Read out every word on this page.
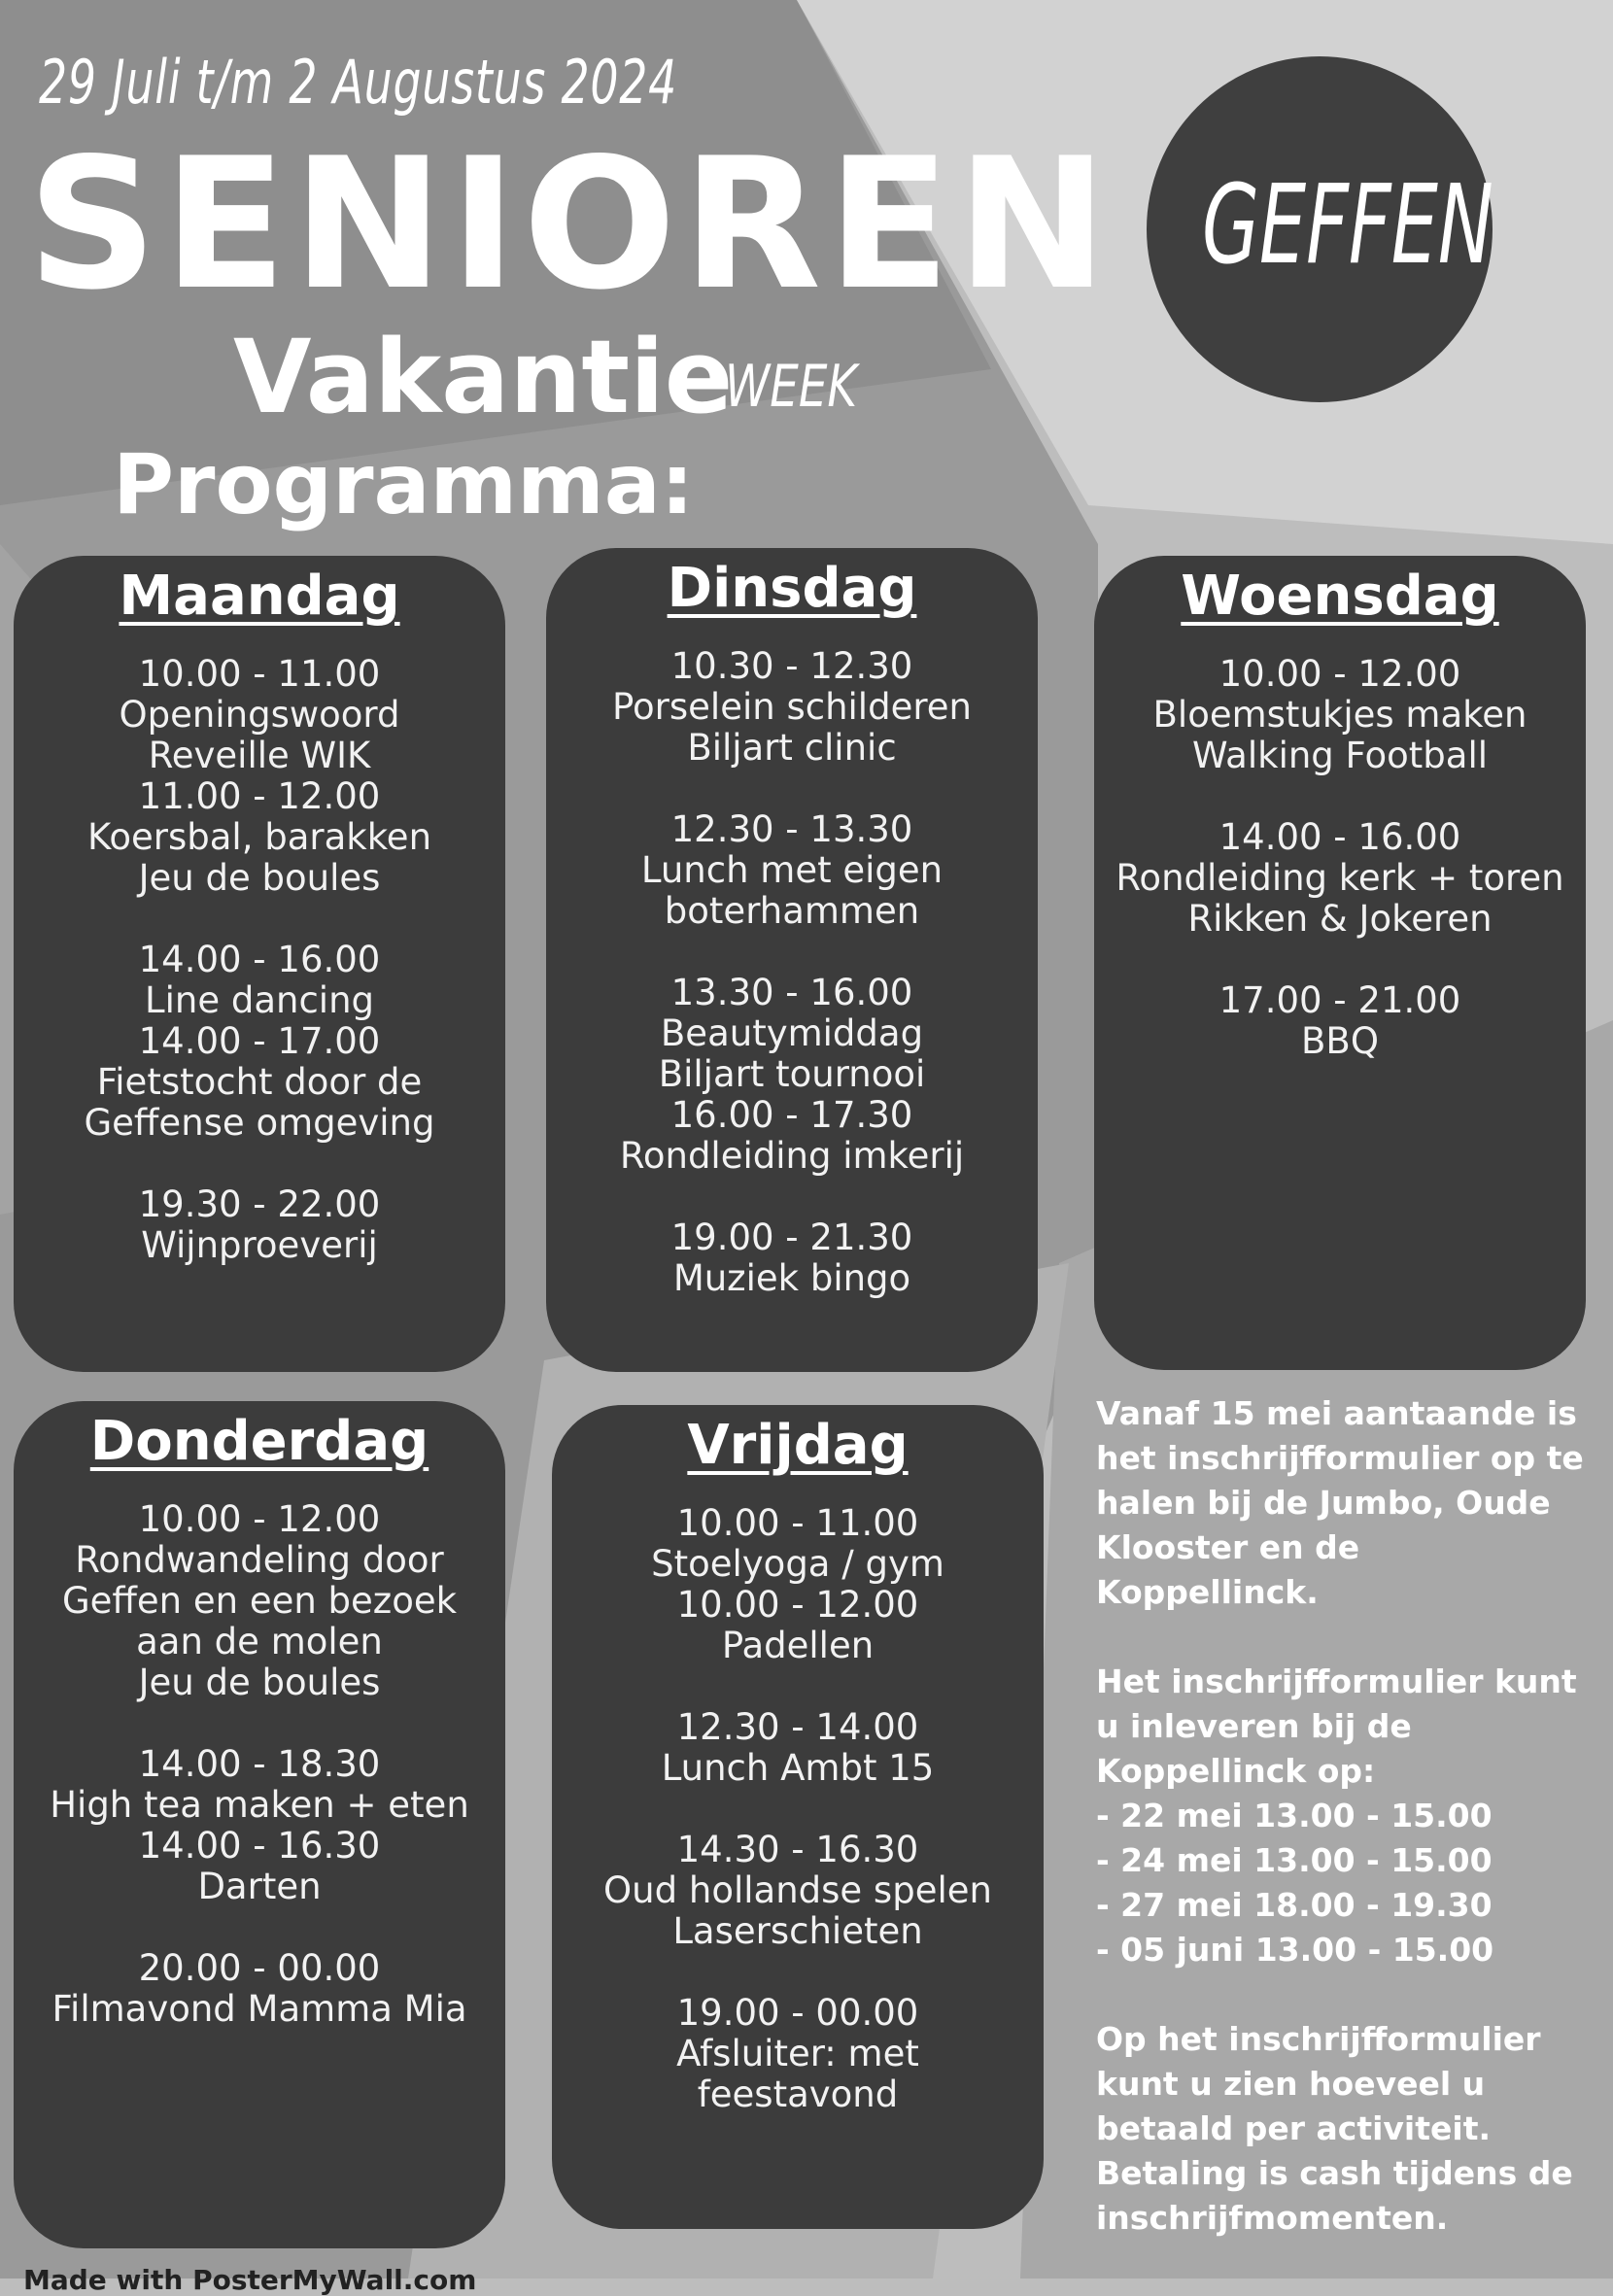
29 Juli t/m 2 Augustus 2024
SENIOREN
Vakantie
WEEK
Programma:
GEFFEN
Maandag
10.00 - 11.00
Openingswoord
Reveille WIK
11.00 - 12.00
Koersbal, barakken
Jeu de boules
14.00 - 16.00
Line dancing
14.00 - 17.00
Fietstocht door de
Geffense omgeving
19.30 - 22.00
Wijnproeverij
Dinsdag
10.30 - 12.30
Porselein schilderen
Biljart clinic
12.30 - 13.30
Lunch met eigen
boterhammen
13.30 - 16.00
Beautymiddag
Biljart tournooi
16.00 - 17.30
Rondleiding imkerij
19.00 - 21.30
Muziek bingo
Woensdag
10.00 - 12.00
Bloemstukjes maken
Walking Football
14.00 - 16.00
Rondleiding kerk + toren
Rikken & Jokeren
17.00 - 21.00
BBQ
Donderdag
10.00 - 12.00
Rondwandeling door
Geffen en een bezoek
aan de molen
Jeu de boules
14.00 - 18.30
High tea maken + eten
14.00 - 16.30
Darten
20.00 - 00.00
Filmavond Mamma Mia
Vrijdag
10.00 - 11.00
Stoelyoga / gym
10.00 - 12.00
Padellen
12.30 - 14.00
Lunch Ambt 15
14.30 - 16.30
Oud hollandse spelen
Laserschieten
19.00 - 00.00
Afsluiter: met
feestavond
Vanaf 15 mei aantaande is
het inschrijfformulier op te
halen bij de Jumbo, Oude
Klooster en de
Koppellinck.
Het inschrijfformulier kunt
u inleveren bij de
Koppellinck op:
- 22 mei 13.00 - 15.00
- 24 mei 13.00 - 15.00
- 27 mei 18.00 - 19.30
- 05 juni 13.00 - 15.00
Op het inschrijfformulier
kunt u zien hoeveel u
betaald per activiteit.
Betaling is cash tijdens de
inschrijfmomenten.
Made with PosterMyWall.com
